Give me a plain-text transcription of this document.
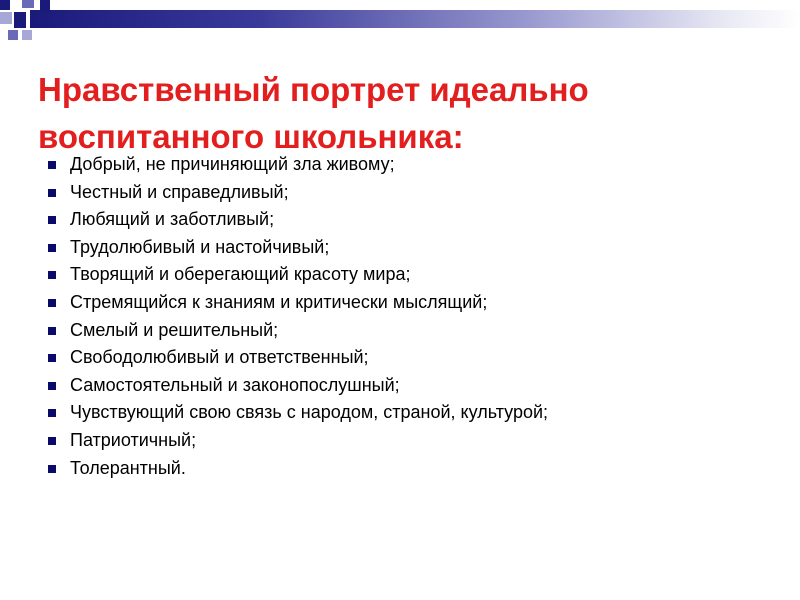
Нравственный портрет идеально воспитанного школьника:
Добрый, не причиняющий зла живому;
Честный и справедливый;
Любящий и заботливый;
Трудолюбивый и настойчивый;
Творящий и оберегающий красоту мира;
Стремящийся к знаниям и критически мыслящий;
Смелый и решительный;
Свободолюбивый и ответственный;
Самостоятельный и законопослушный;
Чувствующий свою связь с народом, страной, культурой;
Патриотичный;
Толерантный.
